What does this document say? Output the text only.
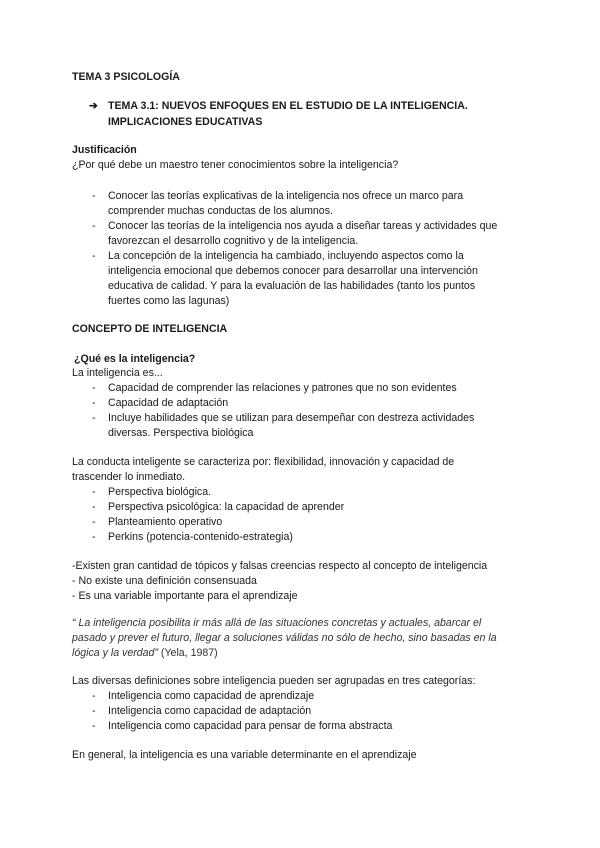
TEMA 3 PSICOLOGÍA
➔ TEMA 3.1: NUEVOS ENFOQUES EN EL ESTUDIO DE LA INTELIGENCIA.
IMPLICACIONES EDUCATIVAS
Justificación
¿Por qué debe un maestro tener conocimientos sobre la inteligencia?
- Conocer las teorías explicativas de la inteligencia nos ofrece un marco para
comprender muchas conductas de los alumnos.
- Conocer las teorías de la inteligencia nos ayuda a diseñar tareas y actividades que
favorezcan el desarrollo cognitivo y de la inteligencia.
- La concepción de la inteligencia ha cambiado, incluyendo aspectos como la
inteligencia emocional que debemos conocer para desarrollar una intervención
educativa de calidad. Y para la evaluación de las habilidades (tanto los puntos
fuertes como las lagunas)
CONCEPTO DE INTELIGENCIA
¿Qué es la inteligencia?
La inteligencia es...
- Capacidad de comprender las relaciones y patrones que no son evidentes
- Capacidad de adaptación
- Incluye habilidades que se utilizan para desempeñar con destreza actividades
diversas. Perspectiva biológica
La conducta inteligente se caracteriza por: flexibilidad, innovación y capacidad de
trascender lo inmediato.
- Perspectiva biológica.
- Perspectiva psicológica: la capacidad de aprender
- Planteamiento operativo
- Perkins (potencia-contenido-estrategia)
-Existen gran cantidad de tópicos y falsas creencias respecto al concepto de inteligencia
- No existe una definición consensuada
- Es una variable importante para el aprendizaje
“ La inteligencia posibilita ir más allá de las situaciones concretas y actuales, abarcar el
pasado y prever el futuro, llegar a soluciones válidas no sólo de hecho, sino basadas en la
lógica y la verdad” (Yela, 1987)
Las diversas definiciones sobre inteligencia pueden ser agrupadas en tres categorías:
- Inteligencia como capacidad de aprendizaje
- Inteligencia como capacidad de adaptación
- Inteligencia como capacidad para pensar de forma abstracta
En general, la inteligencia es una variable determinante en el aprendizaje
